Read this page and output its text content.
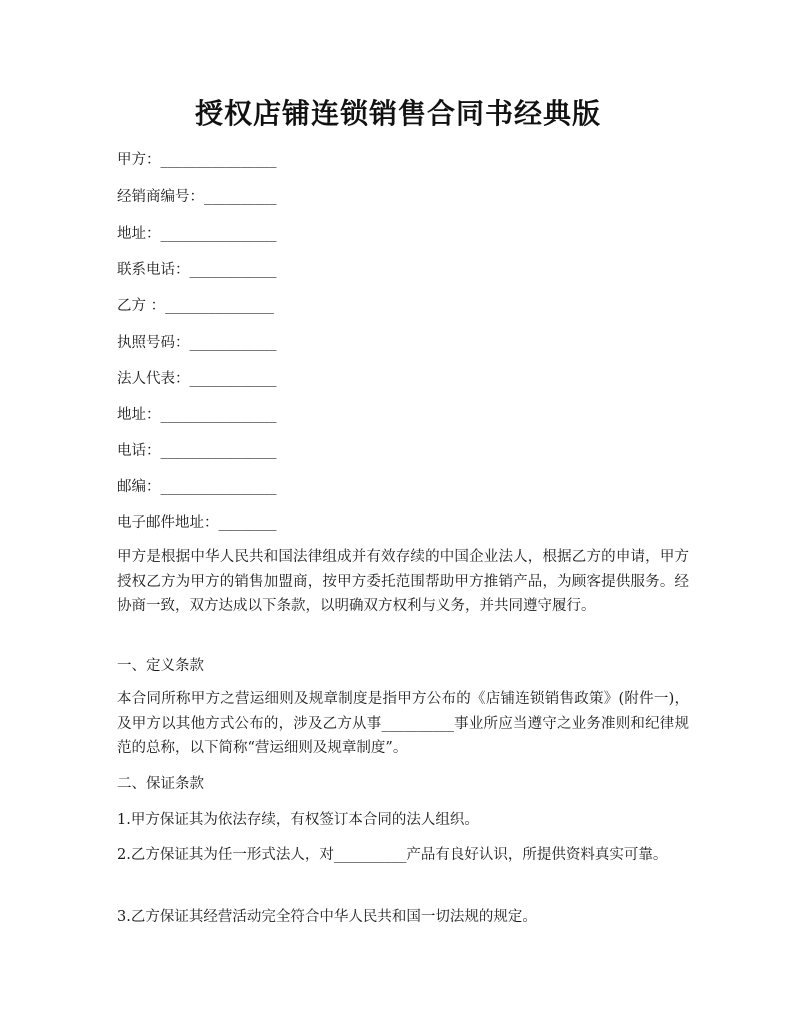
授权店铺连锁销售合同书经典版
甲方：________________
经销商编号：__________
地址：________________
联系电话：____________
乙方 ：_______________
执照号码：____________
法人代表：____________
地址：________________
电话：________________
邮编：________________
电子邮件地址：________
甲方是根据中华人民共和国法律组成并有效存续的中国企业法人，根据乙方的申请，甲方授权乙方为甲方的销售加盟商，按甲方委托范围帮助甲方推销产品，为顾客提供服务。经协商一致，双方达成以下条款，以明确双方权利与义务，并共同遵守履行。
一、定义条款
本合同所称甲方之营运细则及规章制度是指甲方公布的《店铺连锁销售政策》(附件一)，及甲方以其他方式公布的，涉及乙方从事__________事业所应当遵守之业务准则和纪律规范的总称，以下简称“营运细则及规章制度”。
二、保证条款
1.甲方保证其为依法存续，有权签订本合同的法人组织。
2.乙方保证其为任一形式法人，对__________产品有良好认识，所提供资料真实可靠。
3.乙方保证其经营活动完全符合中华人民共和国一切法规的规定。
